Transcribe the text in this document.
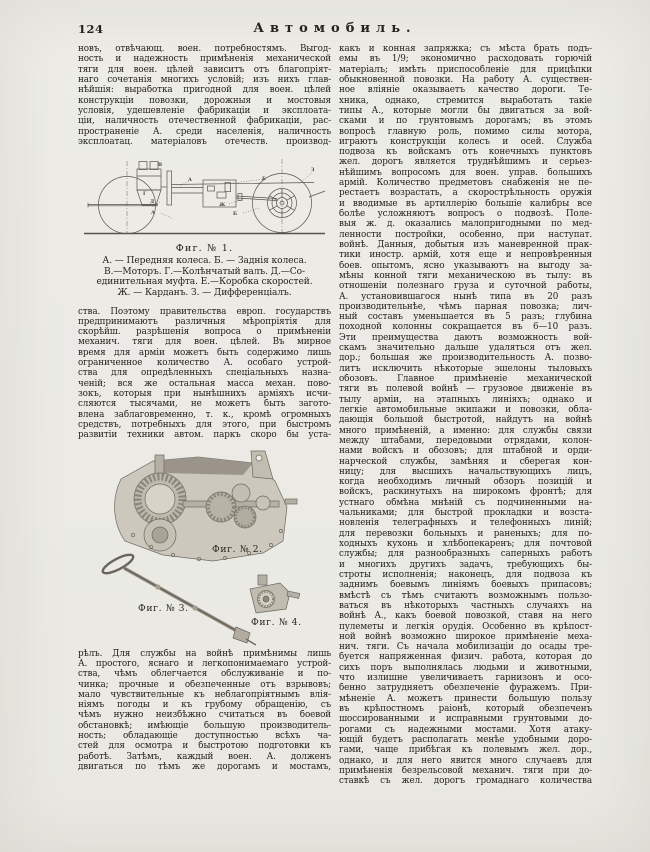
124	Автомобиль.
новъ, отвѣчающ. воен. потребностямъ. Выгод-
ность и надежность примѣненія механической
тяги для воен. цѣлей зависитъ отъ благопріят-
наго сочетанія многихъ условій; изъ нихъ глав-
нѣйшія: выработка пригодной для воен. цѣлей
конструкціи повозки, дорожныя и мостовыя
условія, удешевленіе фабрикаціи и эксплоата-
ціи, наличность отечественной фабрикаціи, рас-
пространеніе А. среди населенія, наличность
эксплоатац. матеріаловъ отечеств. производ-
В
А	Е
З
Г
Д	Ж
А	Б
Фиг. № 1.
А. — Передняя колеса. Б. — Заднія колеса.
В.—Моторъ. Г.—Колѣнчатый валъ. Д.—Со-
единительная муфта. Е.—Коробка скоростей.
Ж. — Карданъ. З. — Дифференціалъ.
ства. Поэтому правительства европ. государствъ
предпринимаютъ различныя мѣропріятія для
скорѣйш. разрѣшенія вопроса о примѣненіи
механич. тяги для воен. цѣлей. Въ мирное
время для арміи можетъ быть содержимо лишь
ограниченное количество А. особаго устрой-
ства для опредѣленныхъ спеціальныхъ назна-
ченій; вся же остальная масса механ. пово-
зокъ, которыя при нынѣшнихъ арміяхъ исчи-
сляются тысячами, не можетъ быть загото-
влена заблаговременно, т. к., кромѣ огромныхъ
средствъ, потребныхъ для этого, при быстромъ
развитіи техники автом. паркъ скоро бы уста-
Фиг. № 2.
Фиг. № 3.
Фиг. № 4.
рѣлъ. Для службы на войнѣ примѣнимы лишь
А. простого, яснаго и легкопонимаемаго устрой-
ства, чѣмъ облегчается обслуживаніе и по-
чинка; прочные и обезпеченные отъ взрывовъ;
мало чувствительные къ неблагопріятнымъ влія-
ніямъ погоды и къ грубому обращенію, съ
чѣмъ нужно неизбѣжно считаться въ боевой
обстановкѣ; имѣющіе большую производитель-
ность; обладающіе доступностью всѣхъ ча-
стей для осмотра и быстротою подготовки къ
работѣ. Затѣмъ, каждый воен. А. долженъ
двигаться по тѣмъ же дорогамъ и мостамъ,
какъ и конная запряжка; съ мѣста брать подъ-
емы въ 1/9; экономично расходовать горючій
матеріалъ; имѣть приспособленіе для прицѣпки
обыкновенной повозки. На работу А. существен-
ное вліяніе оказываетъ качество дороги. Те-
хника, однако, стремится выработать такіе
типы А., которые могли бы двигаться за вой-
сками и по грунтовымъ дорогамъ; въ этомъ
вопросѣ главную роль, помимо силы мотора,
играютъ конструкціи колесъ и осей. Служба
подвоза къ войскамъ отъ конечныхъ пунктовъ
жел. дорогъ является труднѣйшимъ и серьез-
нѣйшимъ вопросомъ для воен. управ. большихъ
армій. Количество предметовъ снабженія не пе-
рестаетъ возрастать, а скорострѣльность оружія
и вводимые въ артиллерію большіе калибры все
болѣе усложняютъ вопросъ о подвозѣ. Поле-
выя ж. д. оказались малопригодными по мед-
ленности постройки, особенно, при наступат.
войнѣ. Данныя, добытыя изъ маневренной прак-
тики иностр. армій, хотя еще и непровѣренныя
боев. опытомъ, ясно указываютъ на выгоду за-
мѣны конной тяги механическою въ тылу: въ
отношеніи полезнаго груза и суточной работы,
А. установившагося нынѣ типа въ 20 разъ
производительнѣе, чѣмъ парная повозка; лич-
ный составъ уменьшается въ 5 разъ; глубина
походной колонны сокращается въ 6—10 разъ.
Эти преимущества даютъ возможность вой-
скамъ значительно дальше удаляться отъ жел.
дор.; большая же производительность А. позво-
литъ исключить нѣкоторые эшелоны тыловыхъ
обозовъ. Главное примѣненіе механической
тяги въ полевой войнѣ — грузовое движеніе въ
тылу арміи, на этапныхъ линіяхъ; однако и
легкіе автомобильные экипажи и повозки, обла-
дающія большой быстротой, найдутъ на войнѣ
много примѣненій, а именно: для службы связи
между штабами, передовыми отрядами, колон-
нами войскъ и обозовъ; для штабной и орди-
нарческой службы, замѣняя и сберегая кон-
ницу; для высшихъ начальствующихъ лицъ,
когда необходимъ личный обзоръ позицій и
войскъ, раскинутыхъ на широкомъ фронтѣ; для
устнаго обмѣна мнѣній съ подчиненными на-
чальниками; для быстрой прокладки и возста-
новленія телеграфныхъ и телефонныхъ линій;
для перевозки больныхъ и раненыхъ; для по-
ходныхъ кухонь и хлѣбопекаренъ; для почтовой
службы; для разнообразныхъ саперныхъ работъ
и многихъ другихъ задачъ, требующихъ бы-
строты исполненія; наконецъ, для подвоза къ
заднимъ боевымъ линіямъ боевыхъ припасовъ;
вмѣстѣ съ тѣмъ считаютъ возможнымъ пользо-
ваться въ нѣкоторыхъ частныхъ случаяхъ на
войнѣ А., какъ боевой повозкой, ставя на него
пулеметы и легкія орудія. Особенно въ крѣпост-
ной войнѣ возможно широкое примѣненіе меха-
нич. тяги. Съ начала мобилизаціи до осады тре-
буется напряженная физич. работа, которая до
сихъ поръ выполнялась людьми и животными,
что излишне увеличиваетъ гарнизонъ и осо-
бенно затрудняетъ обезпеченіе фуражемъ. При-
мѣненіе А. можетъ принести большую пользу
въ крѣпостномъ раіонѣ, который обезпеченъ
шоссированными и исправными грунтовыми до-
рогами съ надежными мостами. Хотя атаку-
ющій будетъ располагать менѣе удобными доро-
гами, чаще прибѣгая къ полевымъ жел. дор.,
однако, и для него явится много случаевъ для
примѣненія безрельсовой механич. тяги при до-
ставкѣ съ жел. дорогъ громаднаго количества
